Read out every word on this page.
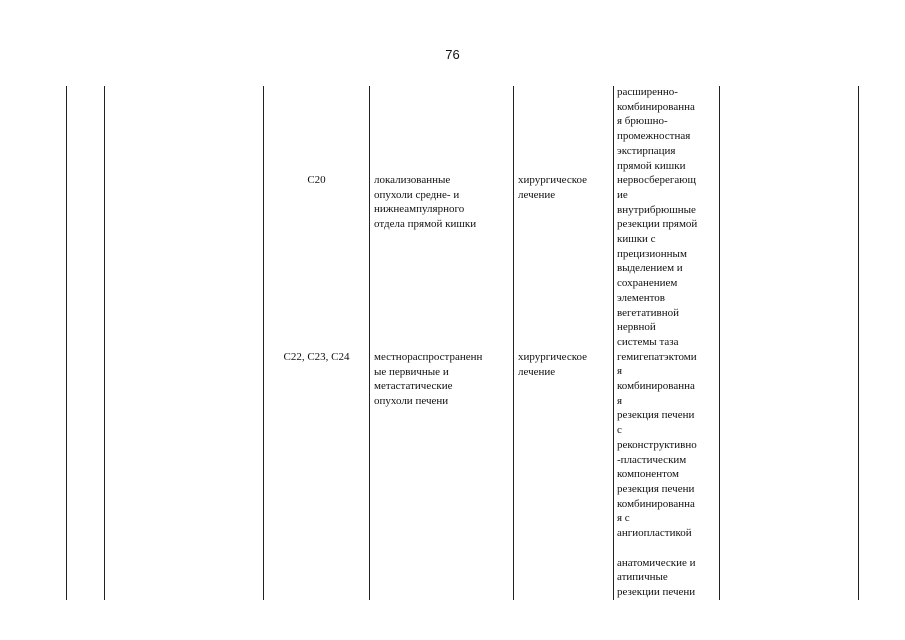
76
C20	локализованные
опухоли средне- и
нижнеампулярного
отдела прямой кишки
хирургическое
лечение
C22, C23, C24	местнораспространенн
ые первичные и
метастатические
опухоли печени
хирургическое
лечение
расширенно-
комбинированна
я брюшно-
промежностная
экстирпация
прямой кишки
нервосберегающ
ие
внутрибрюшные
резекции прямой
кишки с
прецизионным
выделением и
сохранением
элементов
вегетативной
нервной
системы таза
гемигепатэктоми
я
комбинированна
я
резекция печени
с
реконструктивно
-пластическим
компонентом
резекция печени
комбинированна
я с
ангиопластикой

анатомические и
атипичные
резекции печени
